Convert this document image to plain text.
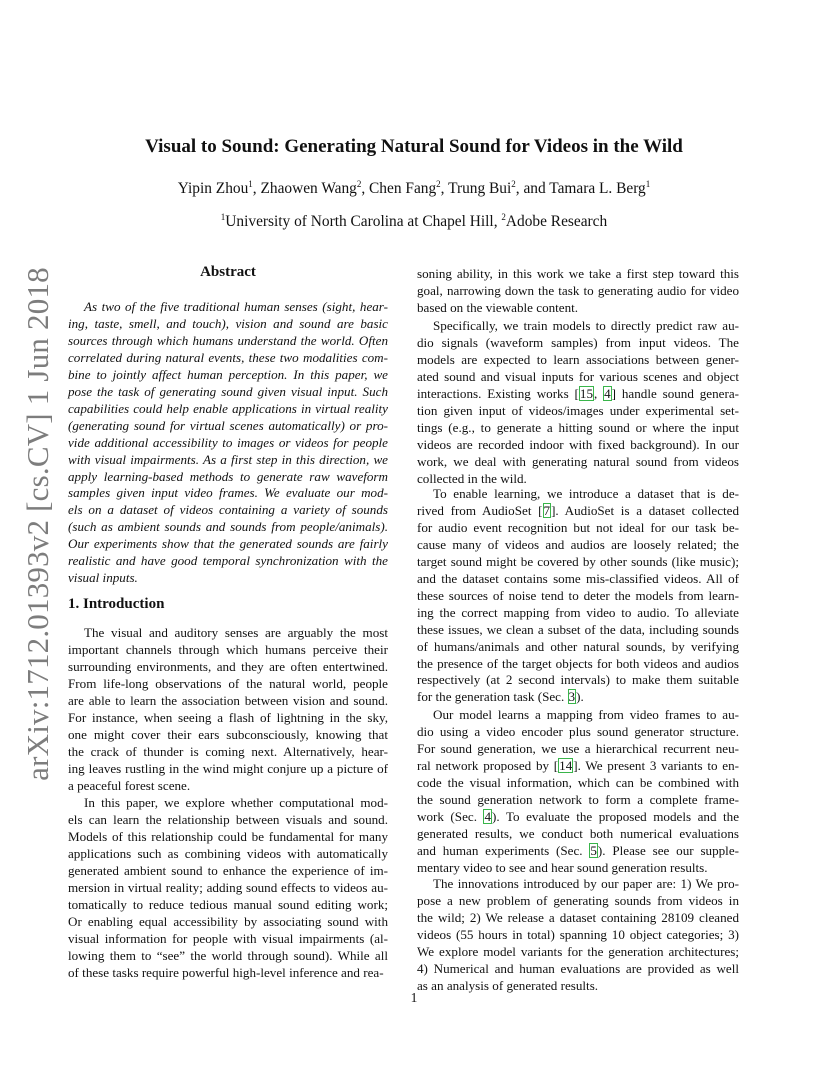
arXiv:1712.01393v2 [cs.CV] 1 Jun 2018
Visual to Sound: Generating Natural Sound for Videos in the Wild
Yipin Zhou$^1$, Zhaowen Wang$^2$, Chen Fang$^2$, Trung Bui$^2$, and Tamara L. Berg$^1$
$^1$University of North Carolina at Chapel Hill, $^2$Adobe Research
Abstract
As two of the five traditional human senses (sight, hear-
ing, taste, smell, and touch), vision and sound are basic
sources through which humans understand the world. Often
correlated during natural events, these two modalities com-
bine to jointly affect human perception. In this paper, we
pose the task of generating sound given visual input. Such
capabilities could help enable applications in virtual reality
(generating sound for virtual scenes automatically) or pro-
vide additional accessibility to images or videos for people
with visual impairments. As a first step in this direction, we
apply learning-based methods to generate raw waveform
samples given input video frames. We evaluate our mod-
els on a dataset of videos containing a variety of sounds
(such as ambient sounds and sounds from people/animals).
Our experiments show that the generated sounds are fairly
realistic and have good temporal synchronization with the
visual inputs.
1. Introduction
The visual and auditory senses are arguably the most
important channels through which humans perceive their
surrounding environments, and they are often entertwined.
From life-long observations of the natural world, people
are able to learn the association between vision and sound.
For instance, when seeing a flash of lightning in the sky,
one might cover their ears subconsciously, knowing that
the crack of thunder is coming next. Alternatively, hear-
ing leaves rustling in the wind might conjure up a picture of
a peaceful forest scene.
In this paper, we explore whether computational mod-
els can learn the relationship between visuals and sound.
Models of this relationship could be fundamental for many
applications such as combining videos with automatically
generated ambient sound to enhance the experience of im-
mersion in virtual reality; adding sound effects to videos au-
tomatically to reduce tedious manual sound editing work;
Or enabling equal accessibility by associating sound with
visual information for people with visual impairments (al-
lowing them to “see” the world through sound). While all
of these tasks require powerful high-level inference and rea-
soning ability, in this work we take a first step toward this
goal, narrowing down the task to generating audio for video
based on the viewable content.
Specifically, we train models to directly predict raw au-
dio signals (waveform samples) from input videos. The
models are expected to learn associations between gener-
ated sound and visual inputs for various scenes and object
interactions. Existing works [15, 4] handle sound genera-
tion given input of videos/images under experimental set-
tings (e.g., to generate a hitting sound or where the input
videos are recorded indoor with fixed background). In our
work, we deal with generating natural sound from videos
collected in the wild.
To enable learning, we introduce a dataset that is de-
rived from AudioSet [7]. AudioSet is a dataset collected
for audio event recognition but not ideal for our task be-
cause many of videos and audios are loosely related; the
target sound might be covered by other sounds (like music);
and the dataset contains some mis-classified videos. All of
these sources of noise tend to deter the models from learn-
ing the correct mapping from video to audio. To alleviate
these issues, we clean a subset of the data, including sounds
of humans/animals and other natural sounds, by verifying
the presence of the target objects for both videos and audios
respectively (at 2 second intervals) to make them suitable
for the generation task (Sec. 3).
Our model learns a mapping from video frames to au-
dio using a video encoder plus sound generator structure.
For sound generation, we use a hierarchical recurrent neu-
ral network proposed by [14]. We present 3 variants to en-
code the visual information, which can be combined with
the sound generation network to form a complete frame-
work (Sec. 4). To evaluate the proposed models and the
generated results, we conduct both numerical evaluations
and human experiments (Sec. 5). Please see our supple-
mentary video to see and hear sound generation results.
The innovations introduced by our paper are: 1) We pro-
pose a new problem of generating sounds from videos in
the wild; 2) We release a dataset containing 28109 cleaned
videos (55 hours in total) spanning 10 object categories; 3)
We explore model variants for the generation architectures;
4) Numerical and human evaluations are provided as well
as an analysis of generated results.
1
